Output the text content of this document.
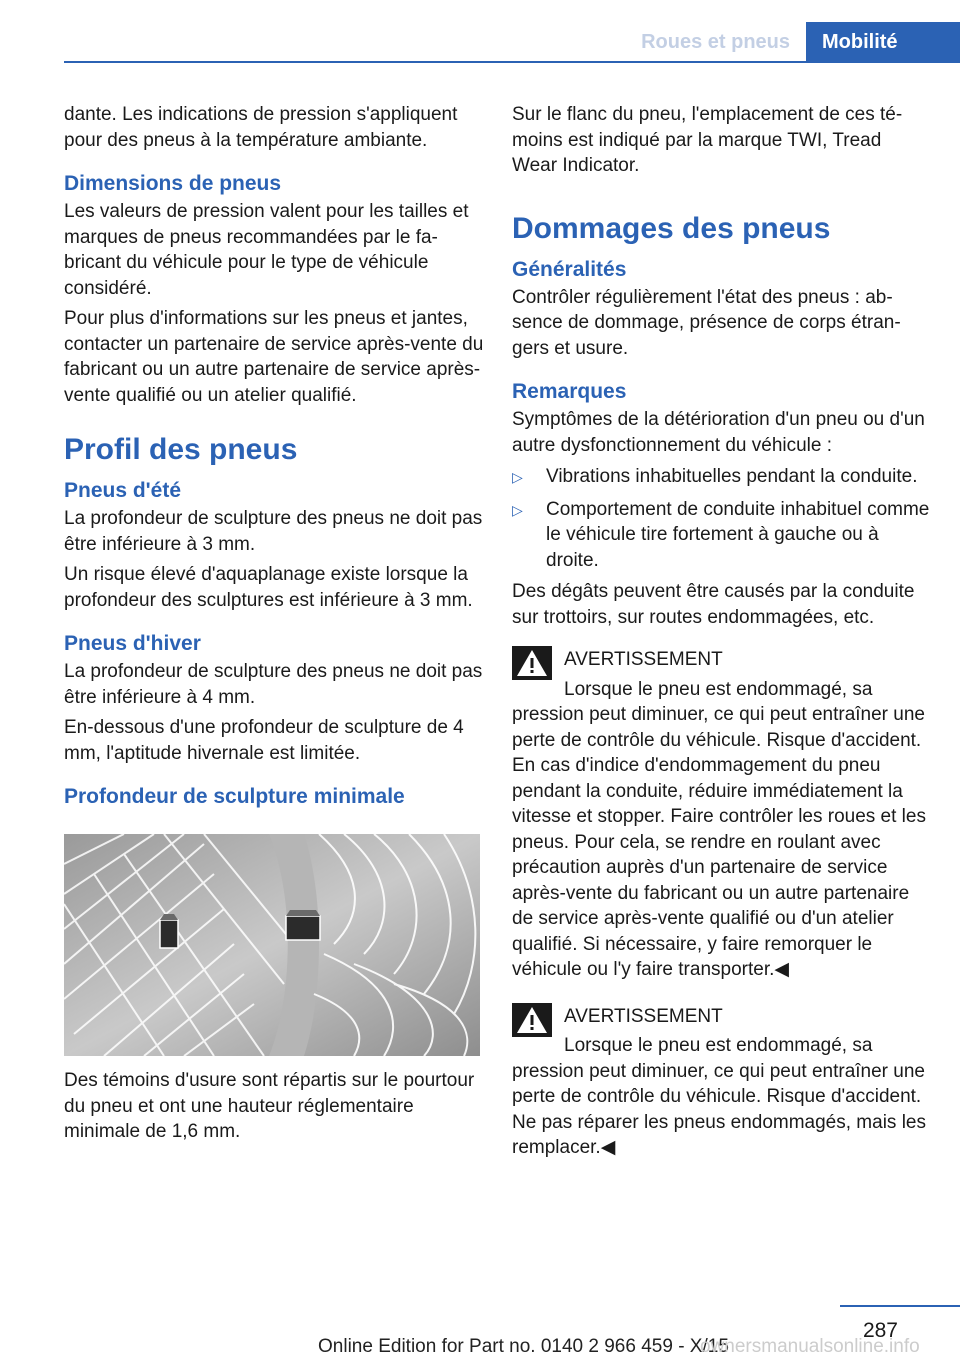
Roues et pneus	Mobilité

dante. Les indications de pression s'appliquent pour des pneus à la température ambiante.

Dimensions de pneus

Les valeurs de pression valent pour les tailles et marques de pneus recommandées par le fabricant du véhicule pour le type de véhicule considéré.

Pour plus d'informations sur les pneus et jantes, contacter un partenaire de service après-vente du fabricant ou un autre partenaire de service après-vente qualifié ou un atelier qualifié.

Profil des pneus
Pneus d'été

La profondeur de sculpture des pneus ne doit pas être inférieure à 3 mm.

Un risque élevé d'aquaplanage existe lorsque la profondeur des sculptures est inférieure à 3 mm.

Pneus d'hiver

La profondeur de sculpture des pneus ne doit pas être inférieure à 4 mm.

En-dessous d'une profondeur de sculpture de 4 mm, l'aptitude hivernale est limitée.

Profondeur de sculpture minimale

Des témoins d'usure sont répartis sur le pourtour du pneu et ont une hauteur réglementaire minimale de 1,6 mm.

Sur le flanc du pneu, l'emplacement de ces témoins est indiqué par la marque TWI, Tread Wear Indicator.

Dommages des pneus
Généralités

Contrôler régulièrement l'état des pneus : absence de dommage, présence de corps étrangers et usure.

Remarques

Symptômes de la détérioration d'un pneu ou d'un autre dysfonctionnement du véhicule :

▷	Vibrations inhabituelles pendant la conduite.
▷	Comportement de conduite inhabituel comme le véhicule tire fortement à gauche ou à droite.

Des dégâts peuvent être causés par la conduite sur trottoirs, sur routes endommagées, etc.

AVERTISSEMENT
Lorsque le pneu est endommagé, sa

pression peut diminuer, ce qui peut entraîner une perte de contrôle du véhicule. Risque d'accident. En cas d'indice d'endommagement du pneu pendant la conduite, réduire immédiatement la vitesse et stopper. Faire contrôler les roues et les pneus. Pour cela, se rendre en roulant avec précaution auprès d'un partenaire de service après-vente du fabricant ou un autre partenaire de service après-vente qualifié ou d'un atelier qualifié. Si nécessaire, y faire remorquer le véhicule ou l'y faire transporter.◀

AVERTISSEMENT
Lorsque le pneu est endommagé, sa

pression peut diminuer, ce qui peut entraîner une perte de contrôle du véhicule. Risque d'accident. Ne pas réparer les pneus endommagés, mais les remplacer.◀

287
Online Edition for Part no. 0140 2 966 459 - X/15
ownersmanualsonline.info
